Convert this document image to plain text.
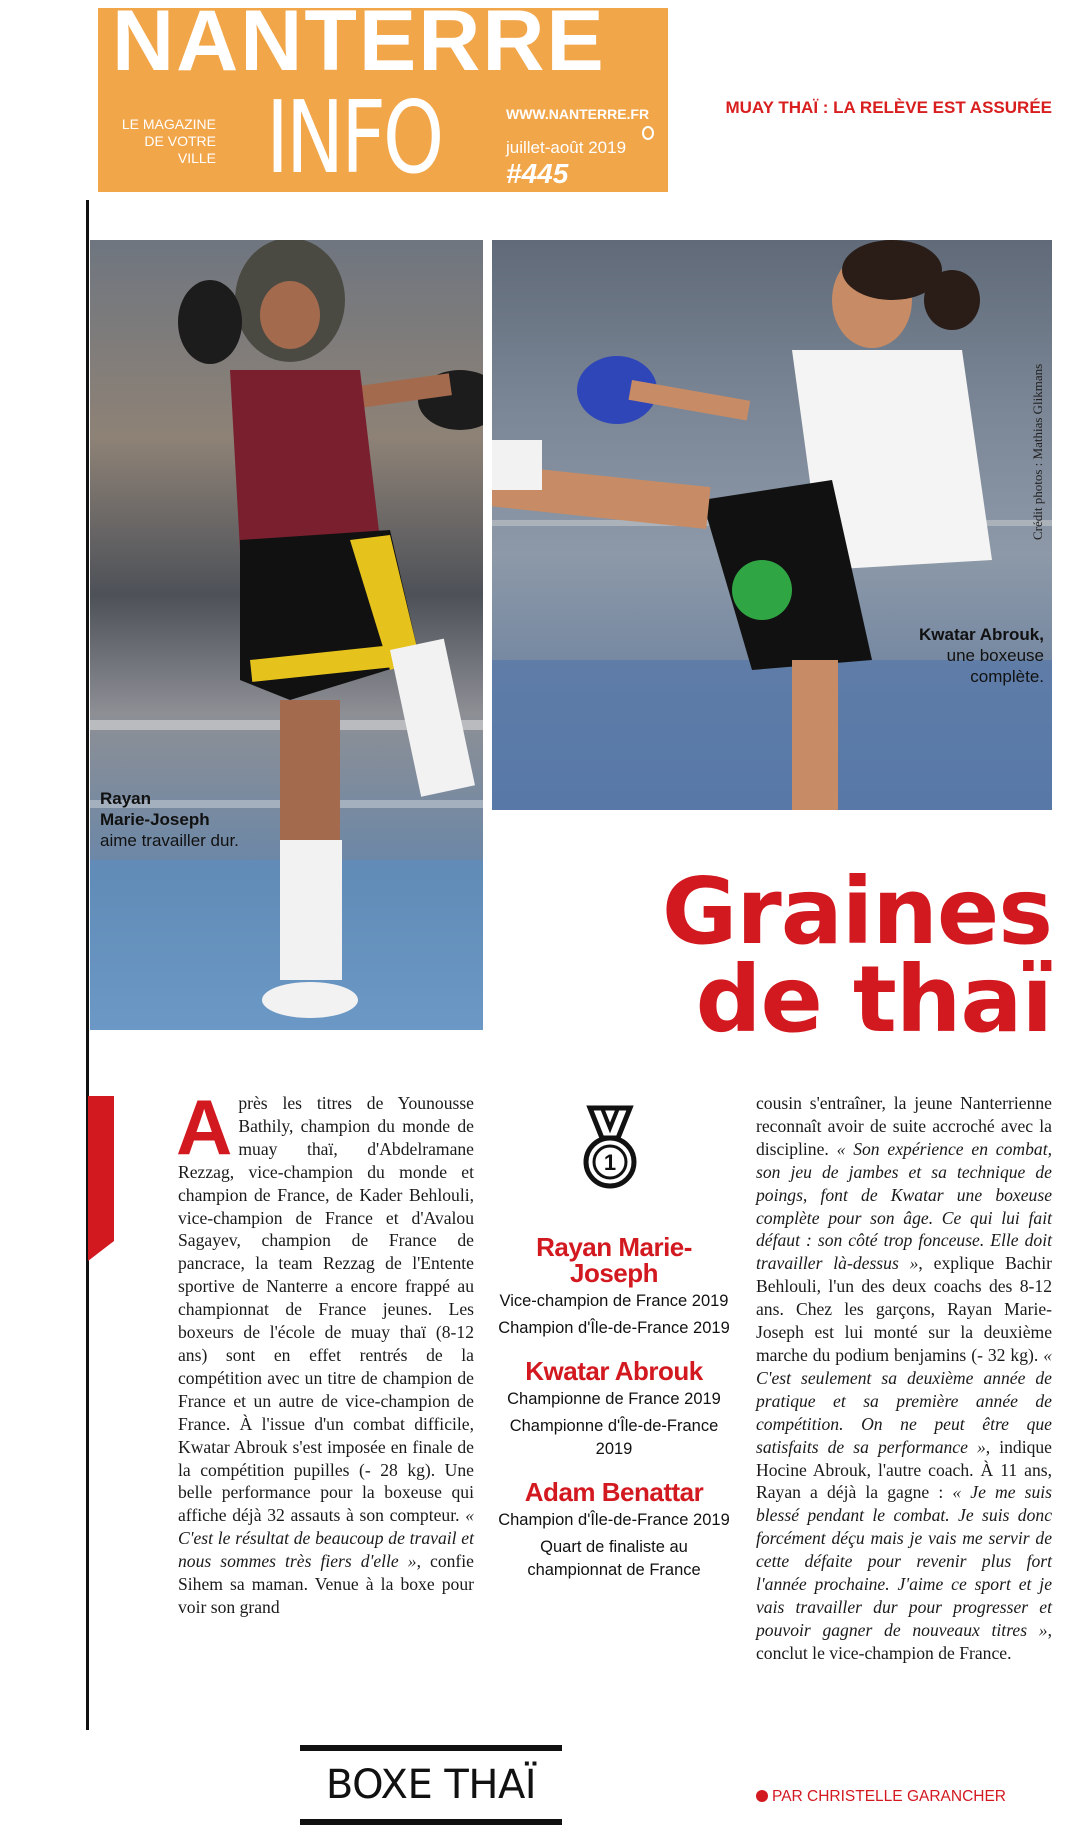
NANTERRE
LE MAGAZINE DE VOTRE VILLE INFO	WWW.NANTERRE.FR
juillet-août 2019
#445
MUAY THAÏ : LA RELÈVE EST ASSURÉE
Rayan
Marie-Joseph
aime travailler dur.
Kwatar Abrouk,
une boxeuse
complète.
Crédit photos : Mathias Glikmans
Graines
de thaï
Après les titres de Younousse Bathily, champion du monde de muay thaï, d'Abdelramane Rezzag, vice-champion du monde et champion de France, de Kader Behlouli, vice-champion de France et d'Avalou Sagayev, champion de France de pancrace, la team Rezzag de l'Entente sportive de Nanterre a encore frappé au championnat de France jeunes. Les boxeurs de l'école de muay thaï (8-12 ans) sont en effet rentrés de la compétition avec un titre de champion de France et un autre de vice-champion de France. À l'issue d'un combat difficile, Kwatar Abrouk s'est imposée en finale de la compétition pupilles (- 28 kg). Une belle performance pour la boxeuse qui affiche déjà 32 assauts à son compteur. « C'est le résultat de beaucoup de travail et nous sommes très fiers d'elle », confie Sihem sa maman. Venue à la boxe pour voir son grand
1
Rayan Marie-Joseph
Vice-champion de France 2019
Champion d'Île-de-France 2019
Kwatar Abrouk
Championne de France 2019
Championne d'Île-de-France 2019
Adam Benattar
Champion d'Île-de-France 2019
Quart de finaliste au championnat de France
cousin s'entraîner, la jeune Nanterrienne reconnaît avoir de suite accroché avec la discipline. « Son expérience en combat, son jeu de jambes et sa technique de poings, font de Kwatar une boxeuse complète pour son âge. Ce qui lui fait défaut : son côté trop fonceuse. Elle doit travailler là-dessus », explique Bachir Behlouli, l'un des deux coachs des 8-12 ans. Chez les garçons, Rayan Marie-Joseph est lui monté sur la deuxième marche du podium benjamins (- 32 kg). « C'est seulement sa deuxième année de pratique et sa première année de compétition. On ne peut être que satisfaits de sa performance », indique Hocine Abrouk, l'autre coach. À 11 ans, Rayan a déjà la gagne : « Je me suis blessé pendant le combat. Je suis donc forcément déçu mais je vais me servir de cette défaite pour revenir plus fort l'année prochaine. J'aime ce sport et je vais travailler dur pour progresser et pouvoir gagner de nouveaux titres », conclut le vice-champion de France.
PAR CHRISTELLE GARANCHER
BOXE THAÏ
